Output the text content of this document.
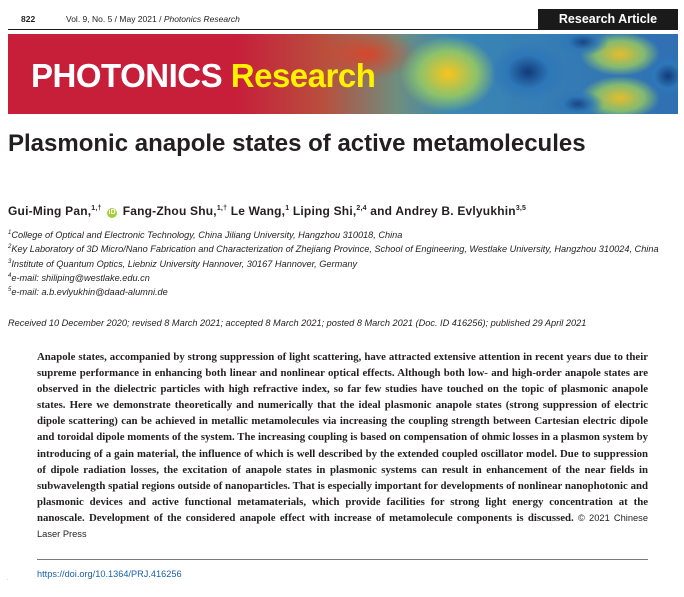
822	Vol. 9, No. 5 / May 2021 / Photonics Research	Research Article
PHOTONICS Research
Plasmonic anapole states of active metamolecules
Gui-Ming Pan,$^{1,\dagger}$ iD Fang-Zhou Shu,$^{1,\dagger}$ Le Wang,$^1$ Liping Shi,$^{2,4}$ and Andrey B. Evlyukhin$^{3,5}$
$^1$College of Optical and Electronic Technology, China Jiliang University, Hangzhou 310018, China
$^2$Key Laboratory of 3D Micro/Nano Fabrication and Characterization of Zhejiang Province, School of Engineering, Westlake University, Hangzhou 310024, China
$^3$Institute of Quantum Optics, Liebniz University Hannover, 30167 Hannover, Germany
$^4$e-mail: shiliping@westlake.edu.cn
$^5$e-mail: a.b.evlyukhin@daad-alumni.de
Received 10 December 2020; revised 8 March 2021; accepted 8 March 2021; posted 8 March 2021 (Doc. ID 416256); published 29 April 2021

Anapole states, accompanied by strong suppression of light scattering, have attracted extensive attention in recent years due to their supreme performance in enhancing both linear and nonlinear optical effects. Although both low- and high-order anapole states are observed in the dielectric particles with high refractive index, so far few studies have touched on the topic of plasmonic anapole states. Here we demonstrate theoretically and numerically that the ideal plasmonic anapole states (strong suppression of electric dipole scattering) can be achieved in metallic metamolecules via increasing the coupling strength between Cartesian electric dipole and toroidal dipole moments of the system. The increasing coupling is based on compensation of ohmic losses in a plasmon system by introducing of a gain material, the influence of which is well described by the extended coupled oscillator model. Due to suppression of dipole radiation losses, the excitation of anapole states in plasmonic systems can result in enhancement of the near fields in subwavelength spatial regions outside of nanoparticles. That is especially important for developments of nonlinear nanophotonic and plasmonic devices and active functional metamaterials, which provide facilities for strong light energy concentration at the nanoscale. Development of the considered anapole effect with increase of metamolecule components is discussed. © 2021 Chinese Laser Press

https://doi.org/10.1364/PRJ.416256
·
